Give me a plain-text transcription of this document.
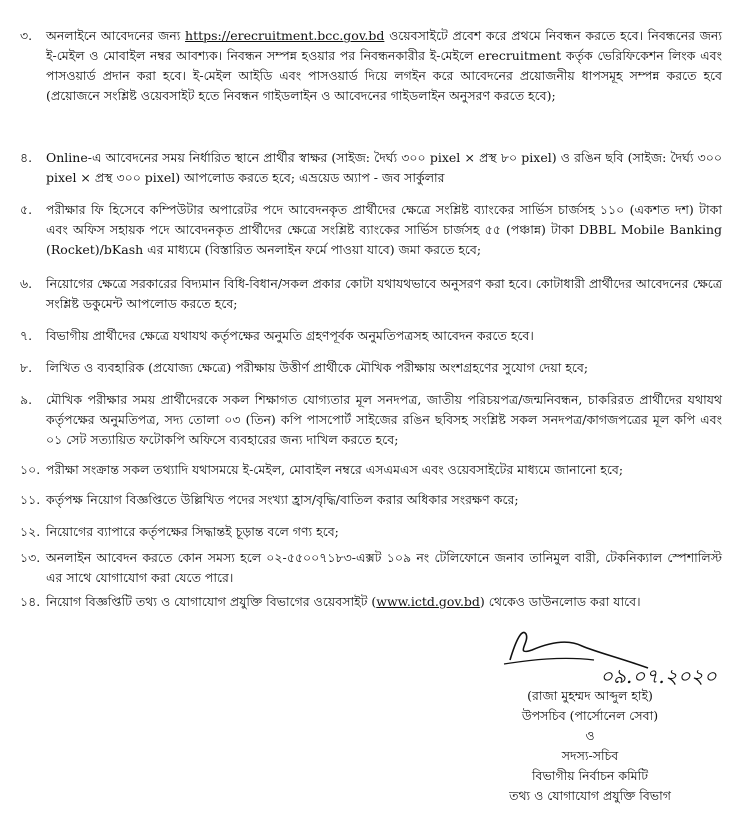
৩.	অনলাইনে আবেদনের জন্য https://erecruitment.bcc.gov.bd ওয়েবসাইটে প্রবেশ করে প্রথমে নিবন্ধন করতে হবে। নিবন্ধনের জন্য ই-মেইল ও মোবাইল নম্বর আবশ্যক। নিবন্ধন সম্পন্ন হওয়ার পর নিবন্ধনকারীর ই-মেইলে erecruitment কর্তৃক ভেরিফিকেশন লিংক এবং পাসওয়ার্ড প্রদান করা হবে। ই-মেইল আইডি এবং পাসওয়ার্ড দিয়ে লগইন করে আবেদনের প্রয়োজনীয় ধাপসমূহ সম্পন্ন করতে হবে (প্রয়োজনে সংশ্লিষ্ট ওয়েবসাইট হতে নিবন্ধন গাইডলাইন ও আবেদনের গাইডলাইন অনুসরণ করতে হবে);
৪.	Online-এ আবেদনের সময় নির্ধারিত স্থানে প্রার্থীর স্বাক্ষর (সাইজ: দৈর্ঘ্য ৩০০ pixel × প্রস্থ ৮০ pixel) ও রঙিন ছবি (সাইজ: দৈর্ঘ্য ৩০০ pixel × প্রস্থ ৩০০ pixel) আপলোড করতে হবে; এভ্রয়েড অ্যাপ - জব সার্কুলার
৫.	পরীক্ষার ফি হিসেবে কম্পিউটার অপারেটর পদে আবেদনকৃত প্রার্থীদের ক্ষেত্রে সংশ্লিষ্ট ব্যাংকের সার্ভিস চার্জসহ ১১০ (একশত দশ) টাকা এবং অফিস সহায়ক পদে আবেদনকৃত প্রার্থীদের ক্ষেত্রে সংশ্লিষ্ট ব্যাংকের সার্ভিস চার্জসহ ৫৫ (পঞ্চান্ন) টাকা DBBL Mobile Banking (Rocket)/bKash এর মাধ্যমে (বিস্তারিত অনলাইন ফর্মে পাওয়া যাবে) জমা করতে হবে;
৬.	নিয়োগের ক্ষেত্রে সরকারের বিদ্যমান বিধি-বিধান/সকল প্রকার কোটা যথাযথভাবে অনুসরণ করা হবে। কোটাধারী প্রার্থীদের আবেদনের ক্ষেত্রে সংশ্লিষ্ট ডকুমেন্ট আপলোড করতে হবে;
৭.	বিভাগীয় প্রার্থীদের ক্ষেত্রে যথাযথ কর্তৃপক্ষের অনুমতি গ্রহণপূর্বক অনুমতিপত্রসহ আবেদন করতে হবে।
৮.	লিখিত ও ব্যবহারিক (প্রযোজ্য ক্ষেত্রে) পরীক্ষায় উত্তীর্ণ প্রার্থীকে মৌখিক পরীক্ষায় অংশগ্রহণের সুযোগ দেয়া হবে;
৯.	মৌখিক পরীক্ষার সময় প্রার্থীদেরকে সকল শিক্ষাগত যোগ্যতার মূল সনদপত্র, জাতীয় পরিচয়পত্র/জন্মনিবন্ধন, চাকরিরত প্রার্থীদের যথাযথ কর্তৃপক্ষের অনুমতিপত্র, সদ্য তোলা ০৩ (তিন) কপি পাসপোর্ট সাইজের রঙিন ছবিসহ সংশ্লিষ্ট সকল সনদপত্র/কাগজপত্রের মূল কপি এবং ০১ সেট সত্যায়িত ফটোকপি অফিসে ব্যবহারের জন্য দাখিল করতে হবে;
১০. পরীক্ষা সংক্রান্ত সকল তথ্যাদি যথাসময়ে ই-মেইল, মোবাইল নম্বরে এসএমএস এবং ওয়েবসাইটের মাধ্যমে জানানো হবে;
১১. কর্তৃপক্ষ নিয়োগ বিজ্ঞপ্তিতে উল্লিখিত পদের সংখ্যা হ্রাস/বৃদ্ধি/বাতিল করার অধিকার সংরক্ষণ করে;
১২. নিয়োগের ব্যাপারে কর্তৃপক্ষের সিদ্ধান্তই চূড়ান্ত বলে গণ্য হবে;
১৩. অনলাইন আবেদন করতে কোন সমস্য হলে ০২-৫৫০০৭১৮৩-এক্সট ১০৯ নং টেলিফোনে জনাব তানিমুল বারী, টেকনিক্যাল স্পেশালিস্ট এর সাথে যোগাযোগ করা যেতে পারে।
১৪. নিয়োগ বিজ্ঞপ্তিটি তথ্য ও যোগাযোগ প্রযুক্তি বিভাগের ওয়েবসাইট (www.ictd.gov.bd) থেকেও ডাউনলোড করা যাবে।
০৯.০৭.২০২০
(রাজা মুহম্মদ আব্দুল হাই)
উপসচিব (পার্সোনেল সেবা)
ও
সদস্য-সচিব
বিভাগীয় নির্বাচন কমিটি
তথ্য ও যোগাযোগ প্রযুক্তি বিভাগ
